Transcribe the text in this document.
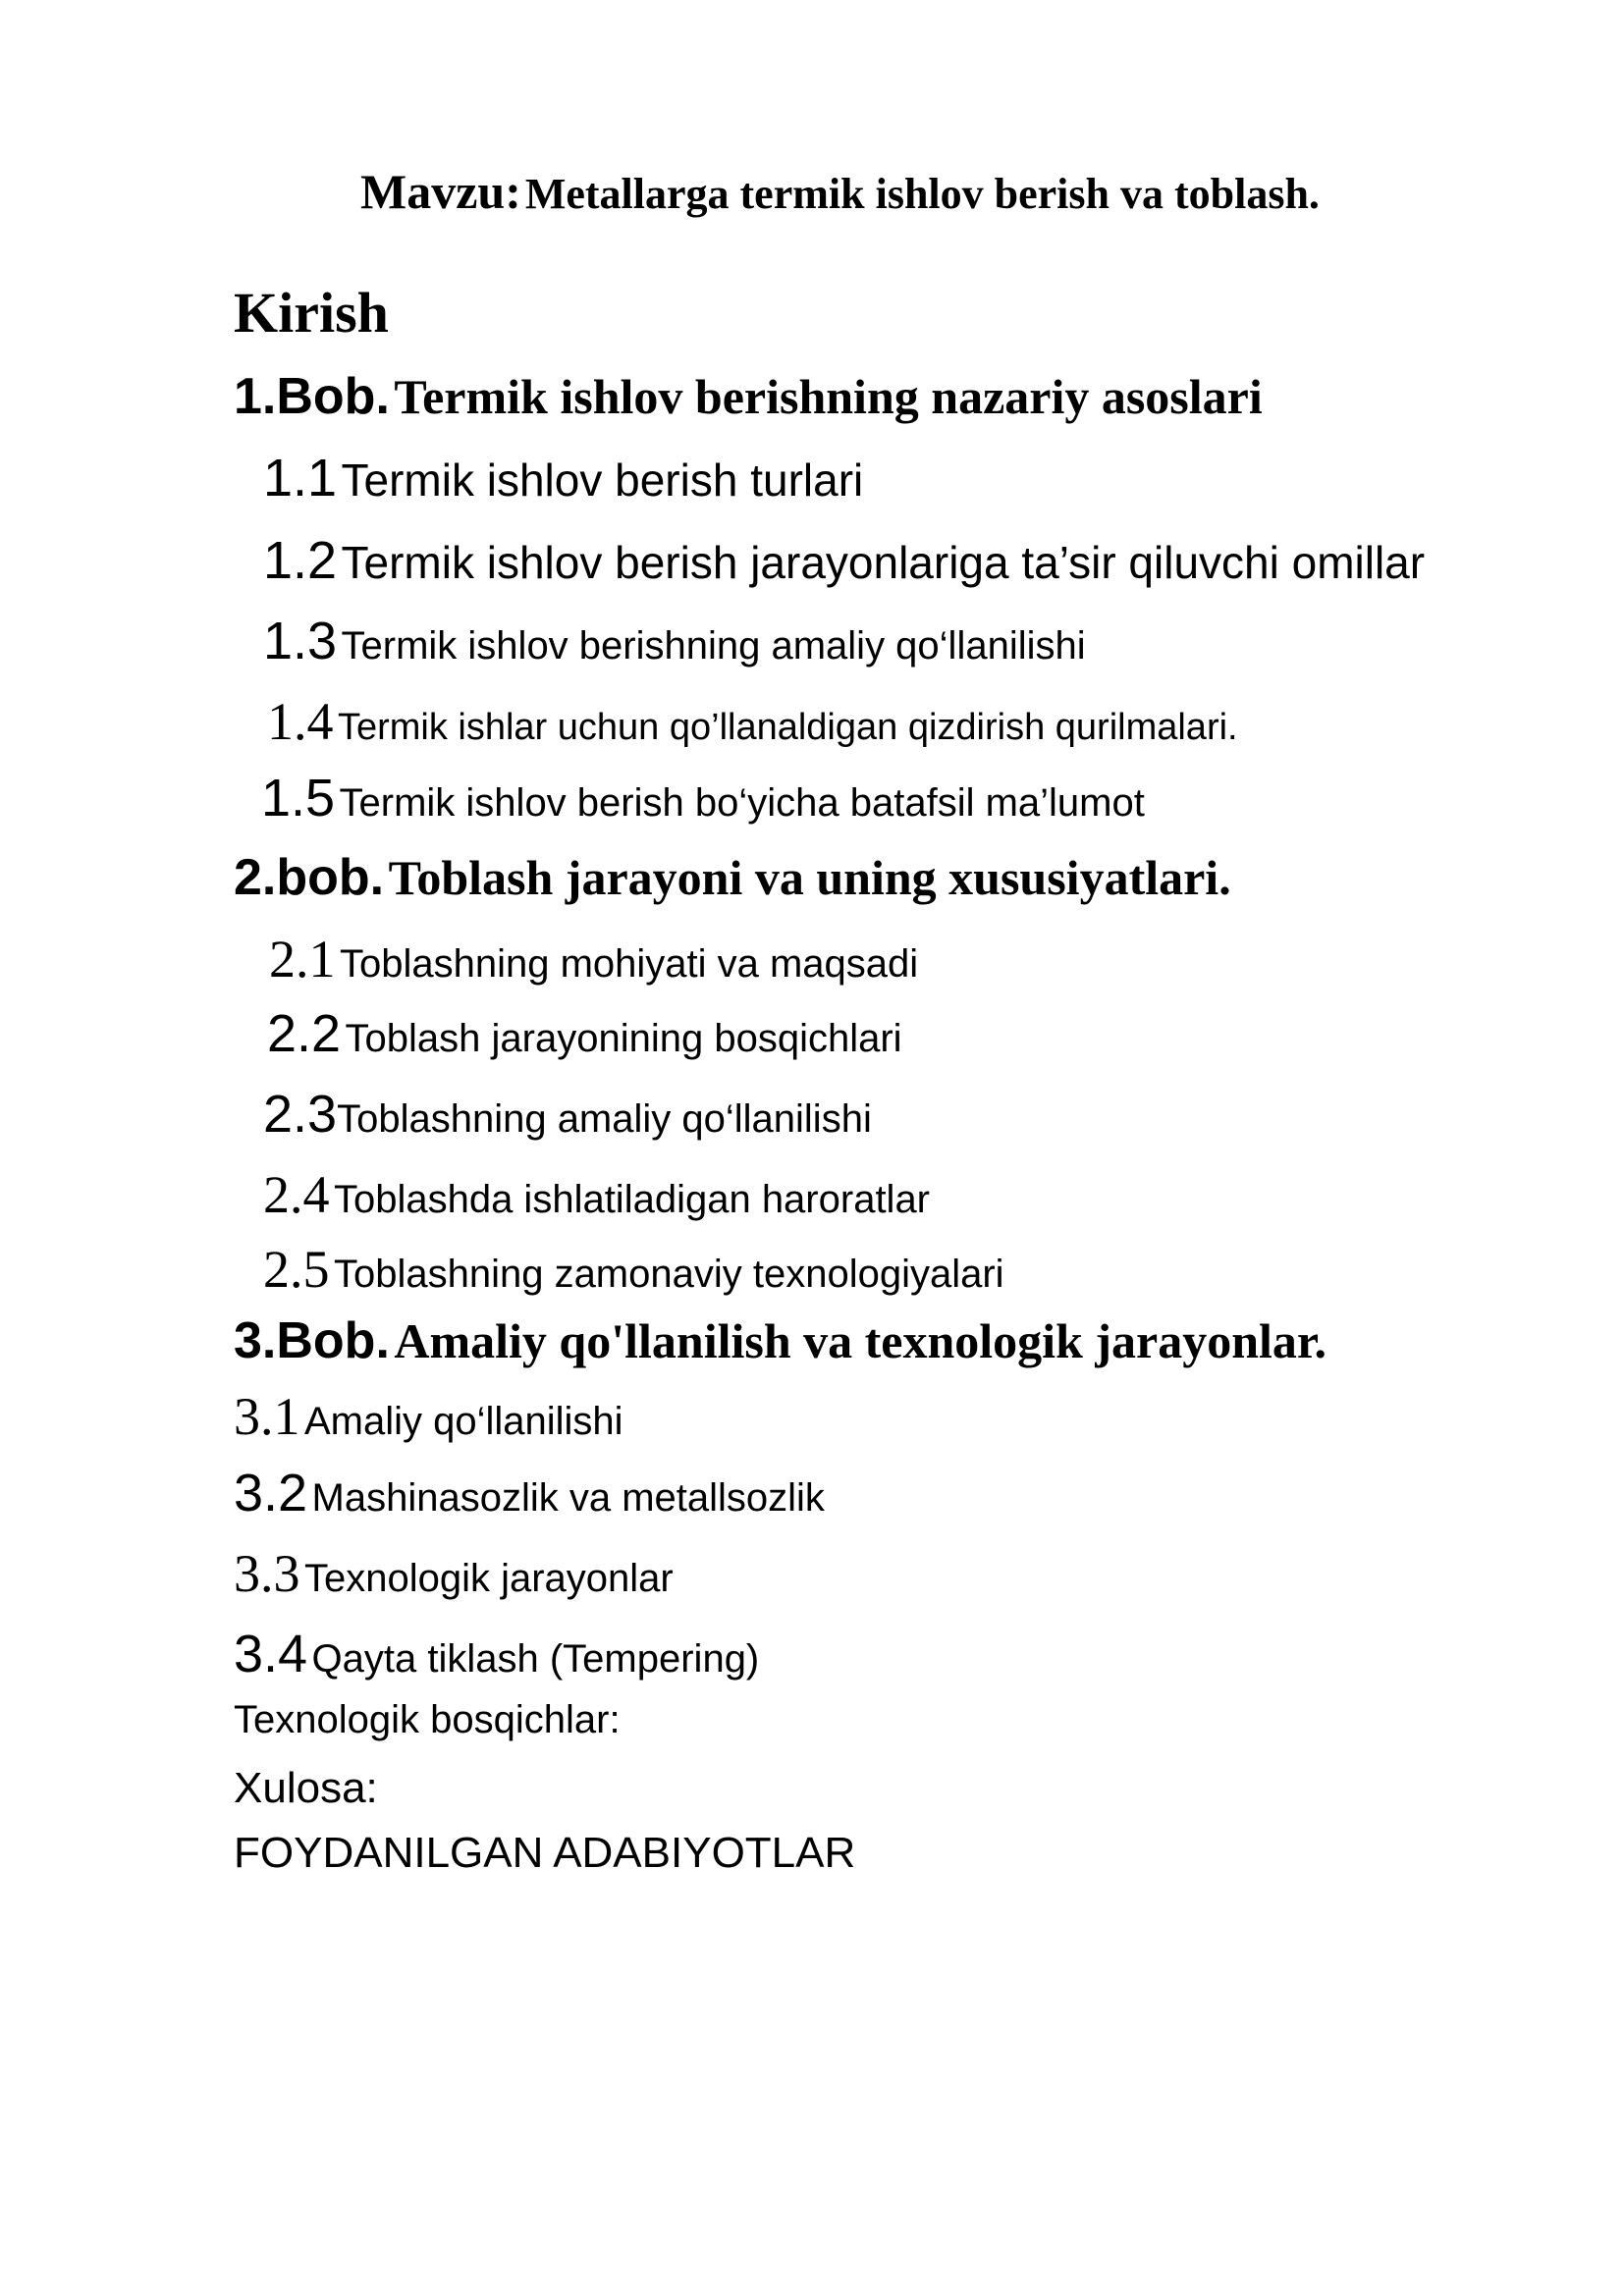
Mavzu: Metallarga termik ishlov berish va toblash.
Kirish
1.Bob. Termik ishlov berishning nazariy asoslari
1.1 Termik ishlov berish turlari
1.2 Termik ishlov berish jarayonlariga ta’sir qiluvchi omillar
1.3 Termik ishlov berishning amaliy qo‘llanilishi
1.4 Termik ishlar uchun qo’llanaldigan qizdirish qurilmalari.
1.5 Termik ishlov berish bo‘yicha batafsil ma’lumot
2.bob. Toblash jarayoni va uning xususiyatlari.
2.1 Toblashning mohiyati va maqsadi
2.2 Toblash jarayonining bosqichlari
2.3Toblashning amaliy qo‘llanilishi
2.4 Toblashda ishlatiladigan haroratlar
2.5 Toblashning zamonaviy texnologiyalari
3.Bob. Amaliy qo'llanilish va texnologik jarayonlar.
3.1 Amaliy qo‘llanilishi
3.2 Mashinasozlik va metallsozlik
3.3 Texnologik jarayonlar
3.4 Qayta tiklash (Tempering)
Texnologik bosqichlar:
Xulosa:
FOYDANILGAN ADABIYOTLAR
